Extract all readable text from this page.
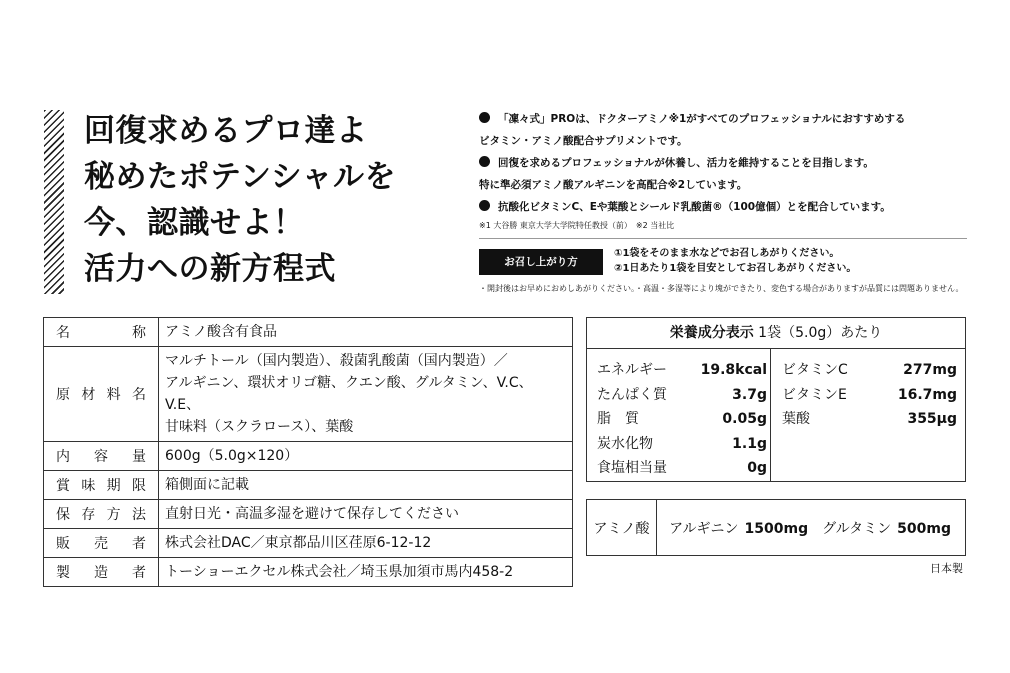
回復求めるプロ達よ
秘めたポテンシャルを
今、認識せよ！
活力への新方程式
「凜々式」PROは、ドクターアミノ※1がすべてのプロフェッショナルにおすすめする
ビタミン・アミノ酸配合サプリメントです。
回復を求めるプロフェッショナルが休養し、活力を維持することを目指します。
特に準必須アミノ酸アルギニンを高配合※2しています。
抗酸化ビタミンC、Eや葉酸とシールド乳酸菌®（100億個）とを配合しています。
※1 大谷勝 東京大学大学院特任教授（前）　※2 当社比
お召し上がり方
①1袋をそのまま水などでお召しあがりください。
②1日あたり1袋を目安としてお召しあがりください。
・開封後はお早めにおめしあがりください。・高温・多湿等により塊ができたり、変色する場合がありますが品質には問題ありません。
名称	アミノ酸含有食品
原材料名	マルチトール（国内製造）、殺菌乳酸菌（国内製造）／
アルギニン、環状オリゴ糖、クエン酸、グルタミン、V.C、V.E、
甘味料（スクラロース）、葉酸
内容量	600g（5.0g×120）
賞味期限	箱側面に記載
保存方法	直射日光・高温多湿を避けて保存してください
販売者	株式会社DAC／東京都品川区荏原6-12-12
製造者	トーショーエクセル株式会社／埼玉県加須市馬内458-2
栄養成分表示 1袋（5.0g）あたり
エネルギー 19.8kcal
たんぱく質	3.7g
脂　質	0.05g
炭水化物	1.1g
食塩相当量	0g
ビタミンC	277mg
ビタミンE	16.7mg
葉酸	355μg
アミノ酸	アルギニン 1500mg グルタミン 500mg
日本製
